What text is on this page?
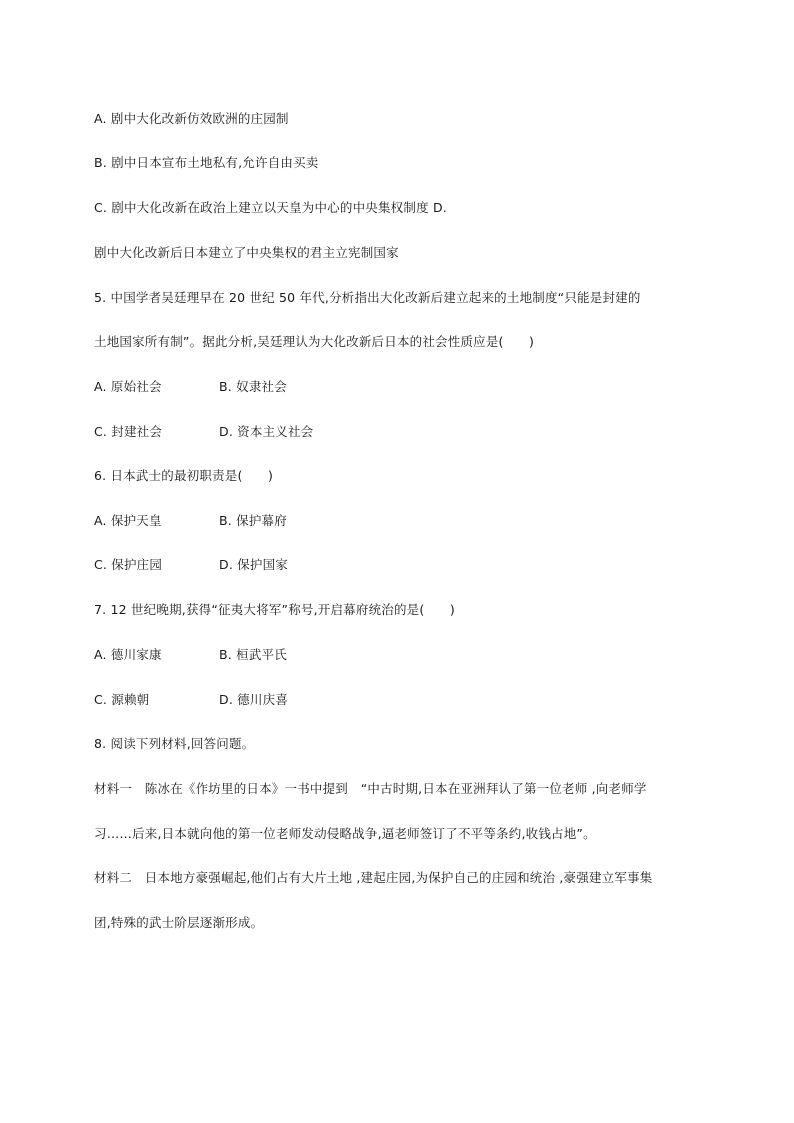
A. 剧中大化改新仿效欧洲的庄园制
B. 剧中日本宣布土地私有,允许自由买卖
C. 剧中大化改新在政治上建立以天皇为中心的中央集权制度 D.
剧中大化改新后日本建立了中央集权的君主立宪制国家
5. 中国学者吴廷理早在 20 世纪 50 年代,分析指出大化改新后建立起来的土地制度“只能是封建的
土地国家所有制”。据此分析,吴廷理认为大化改新后日本的社会性质应是(　　)
A. 原始社会	B. 奴隶社会
C. 封建社会	D. 资本主义社会
6. 日本武士的最初职责是(　　)
A. 保护天皇	B. 保护幕府
C. 保护庄园	D. 保护国家
7. 12 世纪晚期,获得“征夷大将军”称号,开启幕府统治的是(　　)
A. 德川家康	B. 桓武平氏
C. 源赖朝	D. 德川庆喜
8. 阅读下列材料,回答问题。
材料一　陈冰在《作坊里的日本》一书中提到　“中古时期,日本在亚洲拜认了第一位老师 ,向老师学
习……后来,日本就向他的第一位老师发动侵略战争,逼老师签订了不平等条约,收钱占地”。
材料二　日本地方豪强崛起,他们占有大片土地 ,建起庄园,为保护自己的庄园和统治 ,豪强建立军事集
团,特殊的武士阶层逐渐形成。
